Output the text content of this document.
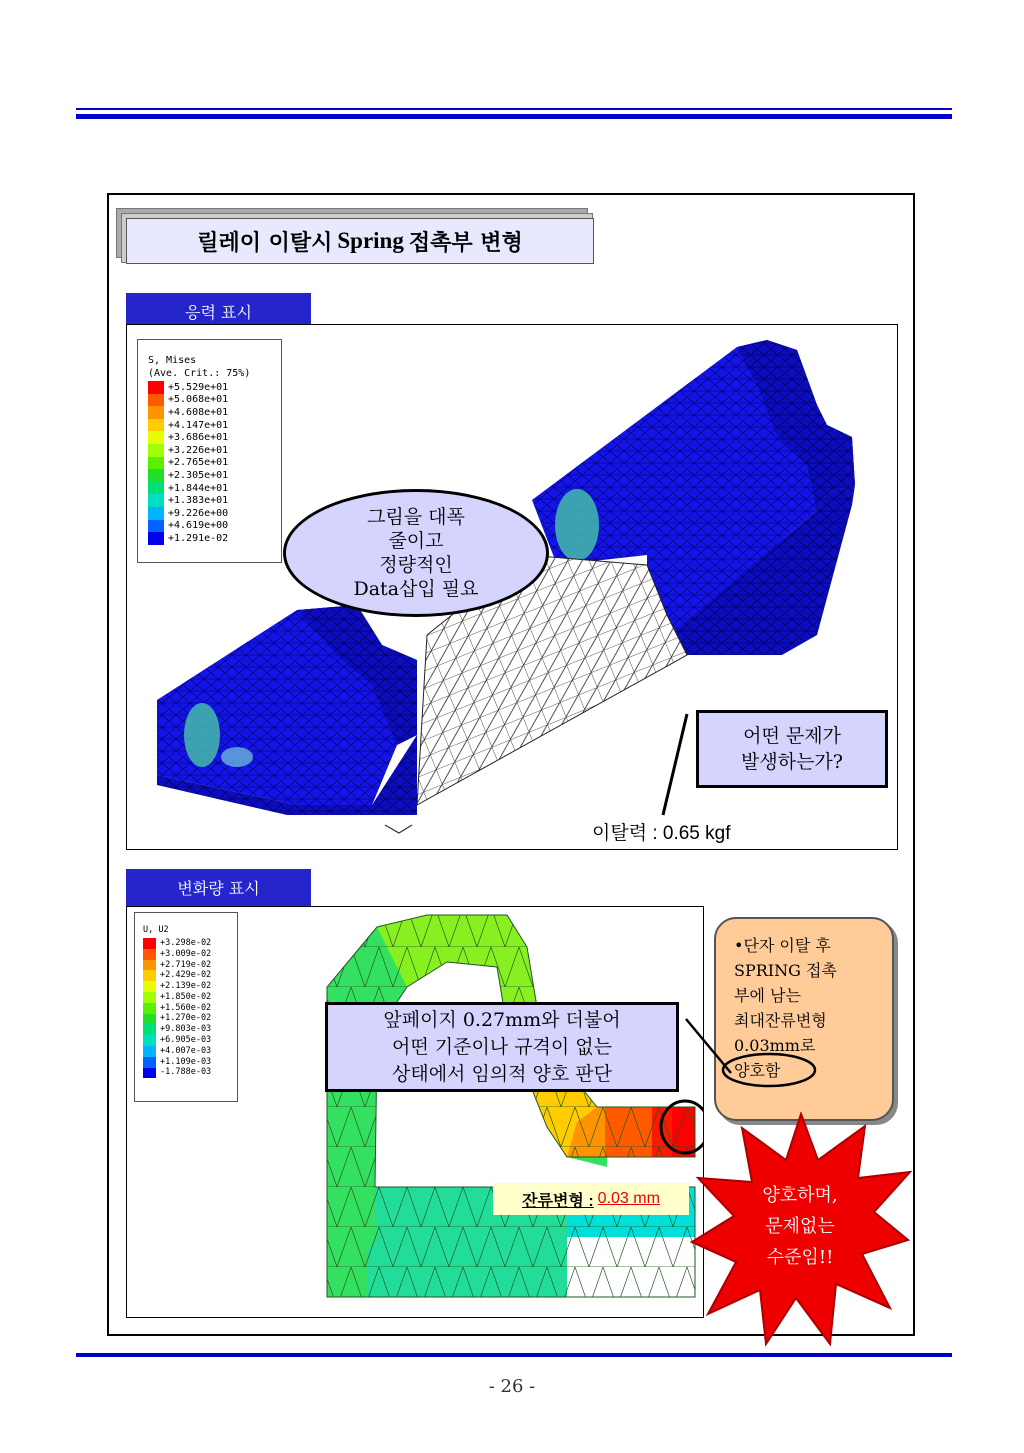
릴레이 이탈시 Spring 접촉부 변형
응력 표시
S, Mises
(Ave. Crit.: 75%)
+5.529e+01
+5.068e+01
+4.608e+01
+4.147e+01
+3.686e+01
+3.226e+01
+2.765e+01
+2.305e+01
+1.844e+01
+1.383e+01
+9.226e+00
+4.619e+00
+1.291e-02
그림을 대폭
줄이고
정량적인
Data삽입 필요
어떤 문제가
발생하는가?
이탈력 : 0.65 kgf
변화량 표시
U, U2
+3.298e-02
+3.009e-02
+2.719e-02
+2.429e-02
+2.139e-02
+1.850e-02
+1.560e-02
+1.270e-02
+9.803e-03
+6.905e-03
+4.007e-03
+1.109e-03
-1.788e-03
앞페이지 0.27mm와 더불어
어떤 기준이나 규격이 없는
상태에서 임의적 양호 판단
잔류변형 : 0.03 mm
•단자 이탈 후
SPRING 접촉
부에 남는
최대잔류변형
0.03mm로
양호함
양호하며,
문제없는
수준임!!
- 26 -
